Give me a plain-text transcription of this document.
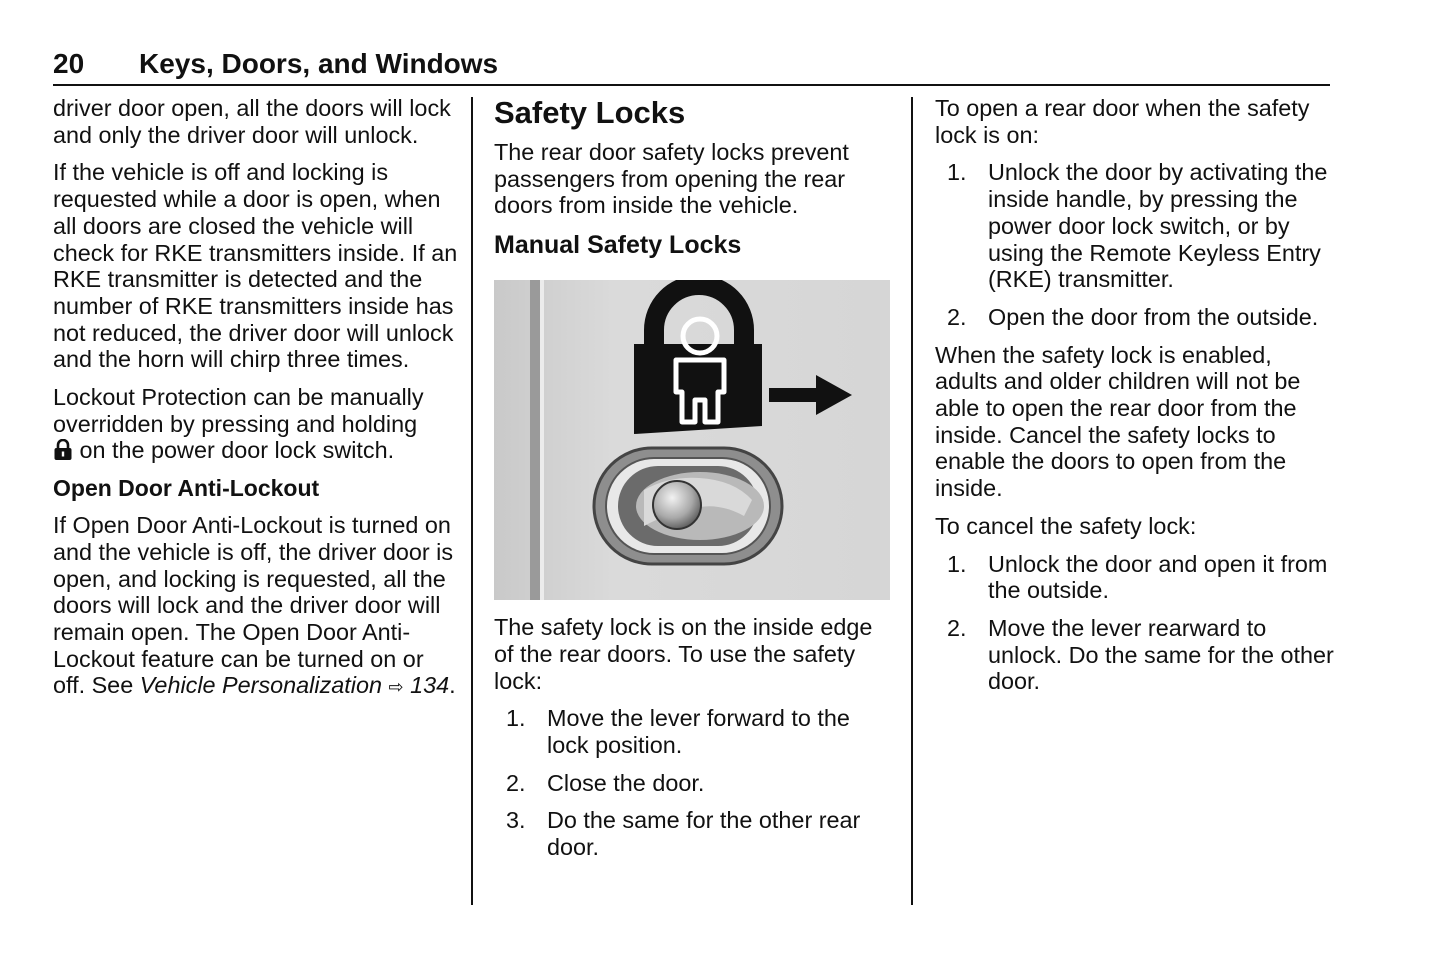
20 Keys, Doors, and Windows

driver door open, all the doors will lock and only the driver door will unlock.

If the vehicle is off and locking is requested while a door is open, when all doors are closed the vehicle will check for RKE transmitters inside. If an RKE transmitter is detected and the number of RKE transmitters inside has not reduced, the driver door will unlock and the horn will chirp three times.

Lockout Protection can be manually overridden by pressing and holding
on the power door lock switch.

Open Door Anti-Lockout

If Open Door Anti-Lockout is turned on and the vehicle is off, the driver door is open, and locking is requested, all the doors will lock and the driver door will remain open. The Open Door Anti-Lockout feature can be turned on or off. See Vehicle Personalization ⇨ 134.

Safety Locks

The rear door safety locks prevent passengers from opening the rear doors from inside the vehicle.

Manual Safety Locks

The safety lock is on the inside edge of the rear doors. To use the safety lock:

1. Move the lever forward to the lock position.
2. Close the door.
3. Do the same for the other rear door.

To open a rear door when the safety lock is on:

1. Unlock the door by activating the inside handle, by pressing the power door lock switch, or by using the Remote Keyless Entry (RKE) transmitter.
2. Open the door from the outside.

When the safety lock is enabled, adults and older children will not be able to open the rear door from the inside. Cancel the safety locks to enable the doors to open from the inside.

To cancel the safety lock:

1. Unlock the door and open it from the outside.
2. Move the lever rearward to unlock. Do the same for the other door.
